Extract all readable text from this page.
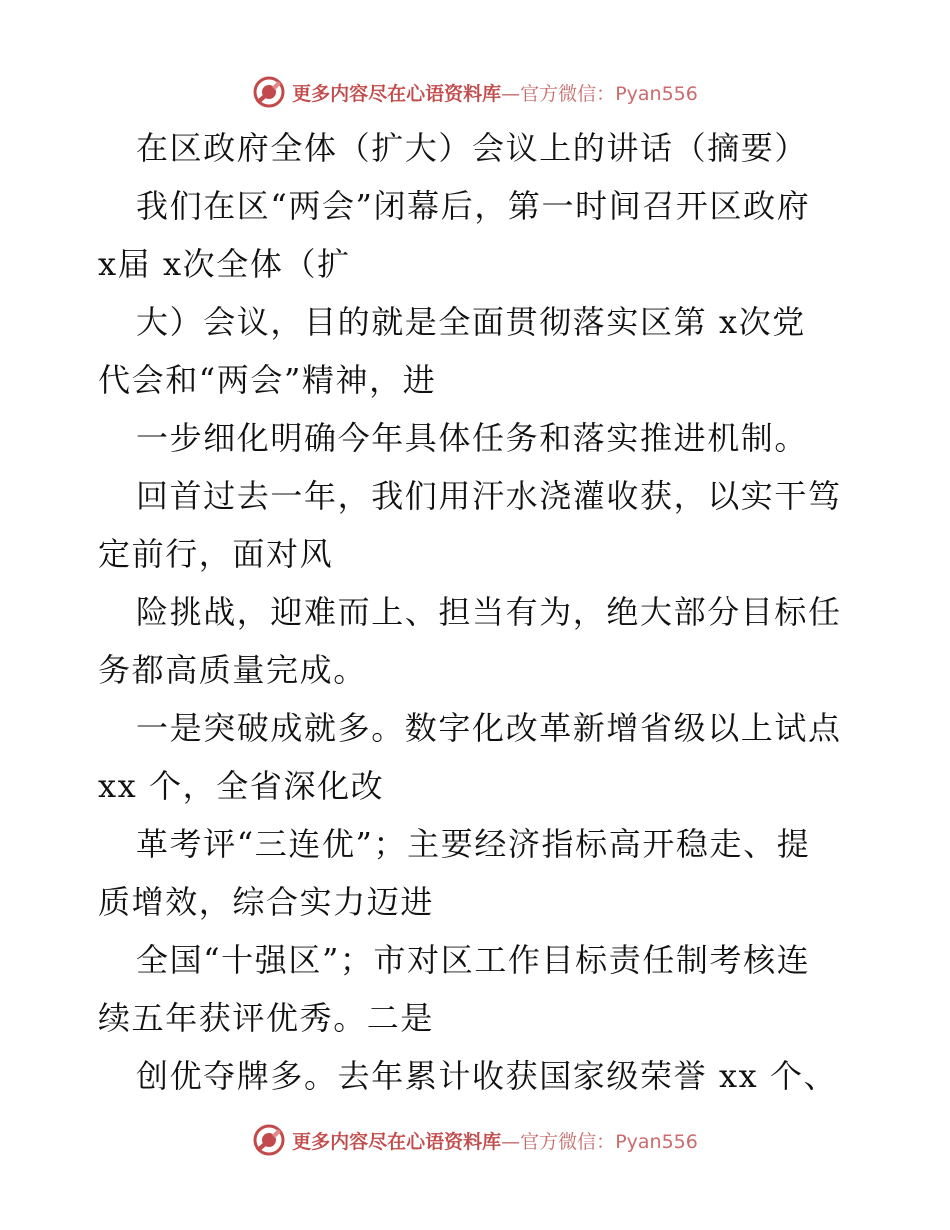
更多内容尽在心语资料库—官方微信：Pyan556
在区政府全体（扩大）会议上的讲话（摘要）
我们在区“两会”闭幕后，第一时间召开区政府
x届 x次全体（扩
大）会议，目的就是全面贯彻落实区第 x次党
代会和“两会”精神，进
一步细化明确今年具体任务和落实推进机制。
回首过去一年，我们用汗水浇灌收获，以实干笃
定前行，面对风
险挑战，迎难而上、担当有为，绝大部分目标任
务都高质量完成。
一是突破成就多。数字化改革新增省级以上试点
xx 个，全省深化改
革考评“三连优”；主要经济指标高开稳走、提
质增效，综合实力迈进
全国“十强区”；市对区工作目标责任制考核连
续五年获评优秀。二是
创优夺牌多。去年累计收获国家级荣誉 xx 个、
更多内容尽在心语资料库—官方微信：Pyan556
